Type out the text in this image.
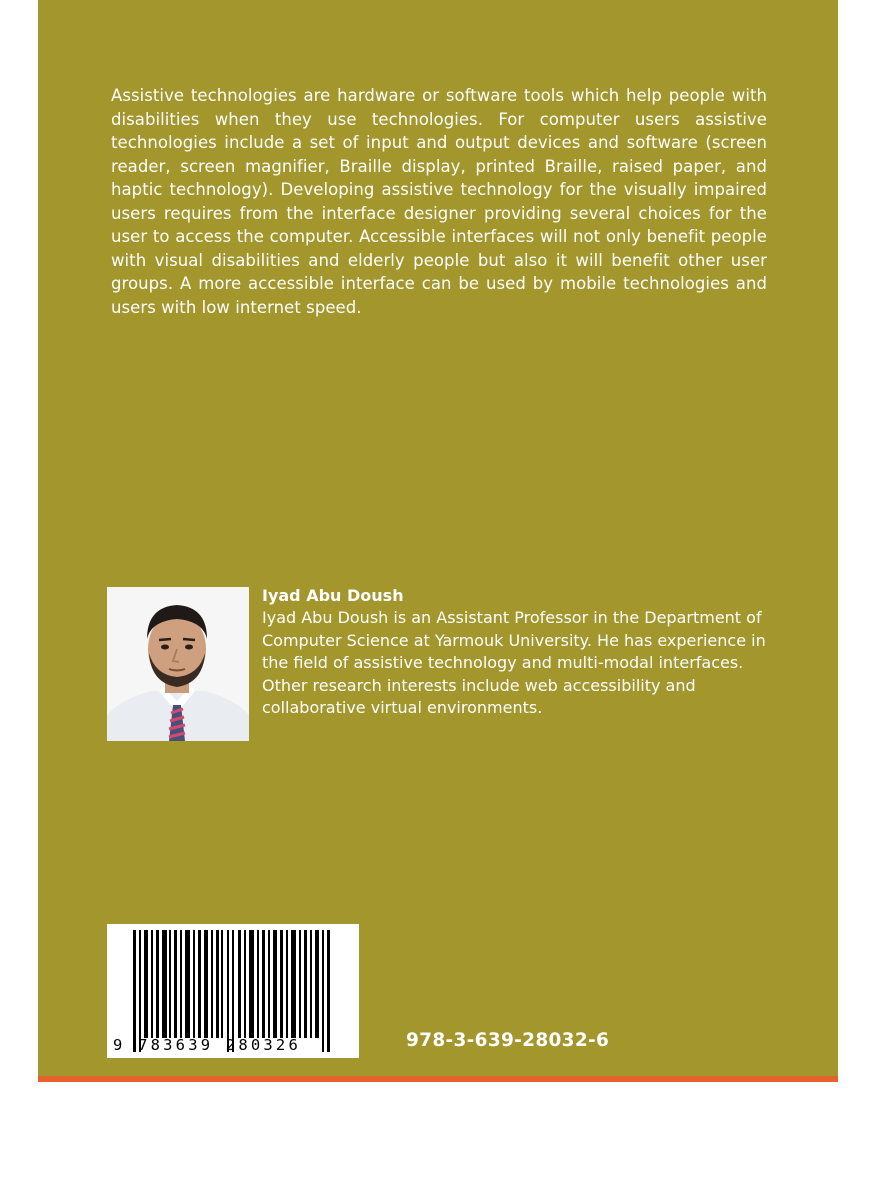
Assistive technologies are hardware or software tools which help people with disabilities when they use technologies. For computer users assistive technologies include a set of input and output devices and software (screen reader, screen magnifier, Braille display, printed Braille, raised paper, and haptic technology). Developing assistive technology for the visually impaired users requires from the interface designer providing several choices for the user to access the computer. Accessible interfaces will not only benefit people with visual disabilities and elderly people but also it will benefit other user groups. A more accessible interface can be used by mobile technologies and users with low internet speed.

Iyad Abu Doush

Iyad Abu Doush is an Assistant Professor in the Department of Computer Science at Yarmouk University. He has experience in the field of assistive technology and multi-modal interfaces. Other research interests include web accessibility and collaborative virtual environments.

9 783639 280326	978-3-639-28032-6
